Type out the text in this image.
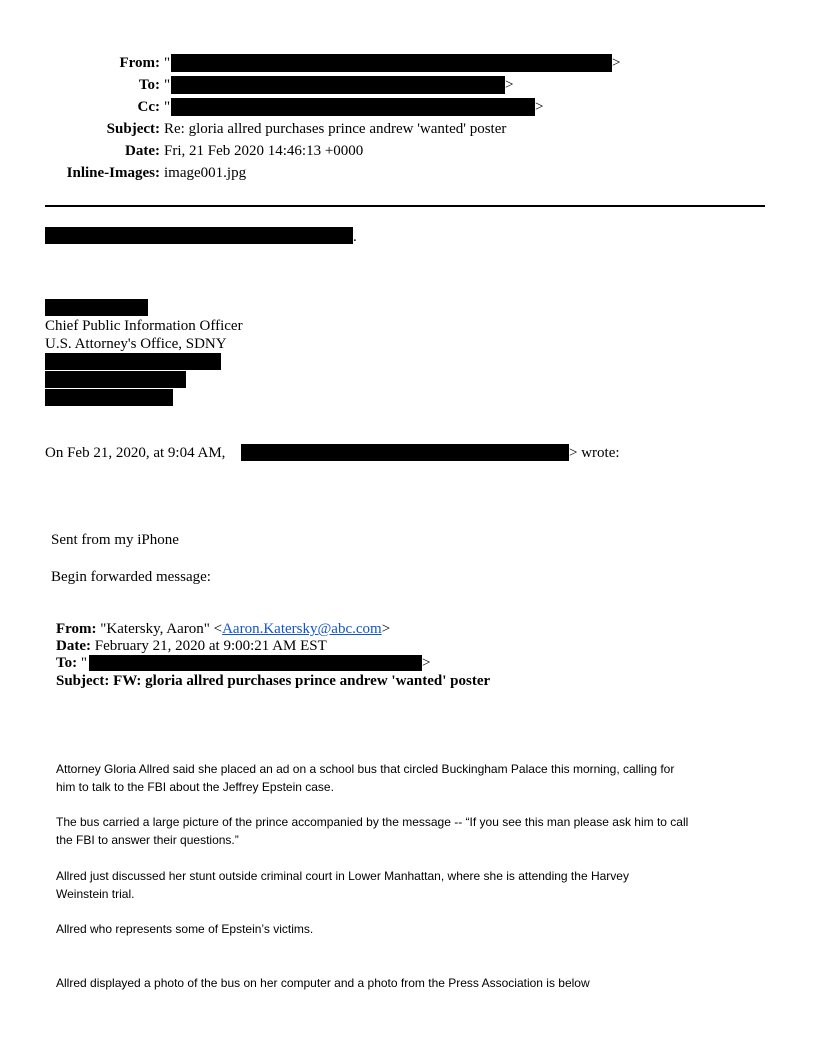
From: "	>
To: "	>
Cc: "	>
Subject: Re: gloria allred purchases prince andrew 'wanted' poster
Date: Fri, 21 Feb 2020 14:46:13 +0000
Inline-Images: image001.jpg
.
Chief Public Information Officer
U.S. Attorney's Office, SDNY
On Feb 21, 2020, at 9:04 AM,	> wrote:
Sent from my iPhone
Begin forwarded message:
From: "Katersky, Aaron" <Aaron.Katersky@abc.com>
Date: February 21, 2020 at 9:00:21 AM EST
To: "	>
Subject: FW: gloria allred purchases prince andrew 'wanted' poster
Attorney Gloria Allred said she placed an ad on a school bus that circled Buckingham Palace this morning, calling for
him to talk to the FBI about the Jeffrey Epstein case.
The bus carried a large picture of the prince accompanied by the message -- “If you see this man please ask him to call
the FBI to answer their questions.”
Allred just discussed her stunt outside criminal court in Lower Manhattan, where she is attending the Harvey
Weinstein trial.
Allred who represents some of Epstein’s victims.
Allred displayed a photo of the bus on her computer and a photo from the Press Association is below
